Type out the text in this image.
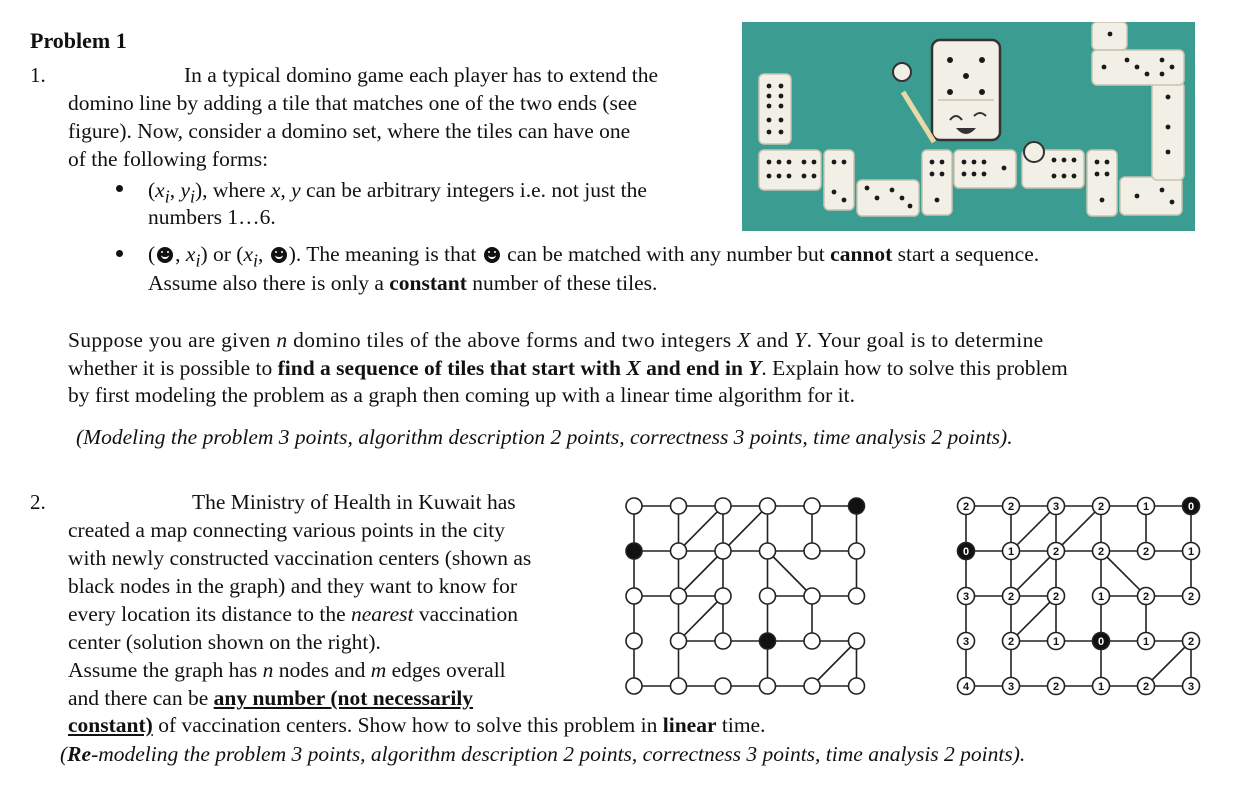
Problem 1
1.	In a typical domino game each player has to extend the
domino line by adding a tile that matches one of the two ends (see
figure). Now, consider a domino set, where the tiles can have one
of the following forms:
($x_i$, $y_i$), where x, y can be arbitrary integers i.e. not just the
numbers 1…6.
( , $x_i$) or ($x_i$, ). The meaning is that  can be matched with any number but cannot start a sequence.
Assume also there is only a constant number of these tiles.
Suppose you are given n domino tiles of the above forms and two integers X and Y. Your goal is to determine
whether it is possible to find a sequence of tiles that start with X and end in Y. Explain how to solve this problem
by first modeling the problem as a graph then coming up with a linear time algorithm for it.
(Modeling the problem 3 points, algorithm description 2 points, correctness 3 points, time analysis 2 points).
2.	The Ministry of Health in Kuwait has
created a map connecting various points in the city
with newly constructed vaccination centers (shown as
black nodes in the graph) and they want to know for
every location its distance to the nearest vaccination
center (solution shown on the right).
Assume the graph has n nodes and m edges overall
and there can be any number (not necessarily
constant) of vaccination centers. Show how to solve this problem in linear time.
(Re-modeling the problem 3 points, algorithm description 2 points, correctness 3 points, time analysis 2 points).
2	2	3	2	1	0
0	1	2	2	2	1
3	2	2	1	2	2
3	2	1	0	1	2
4	3	2	1	2	3
